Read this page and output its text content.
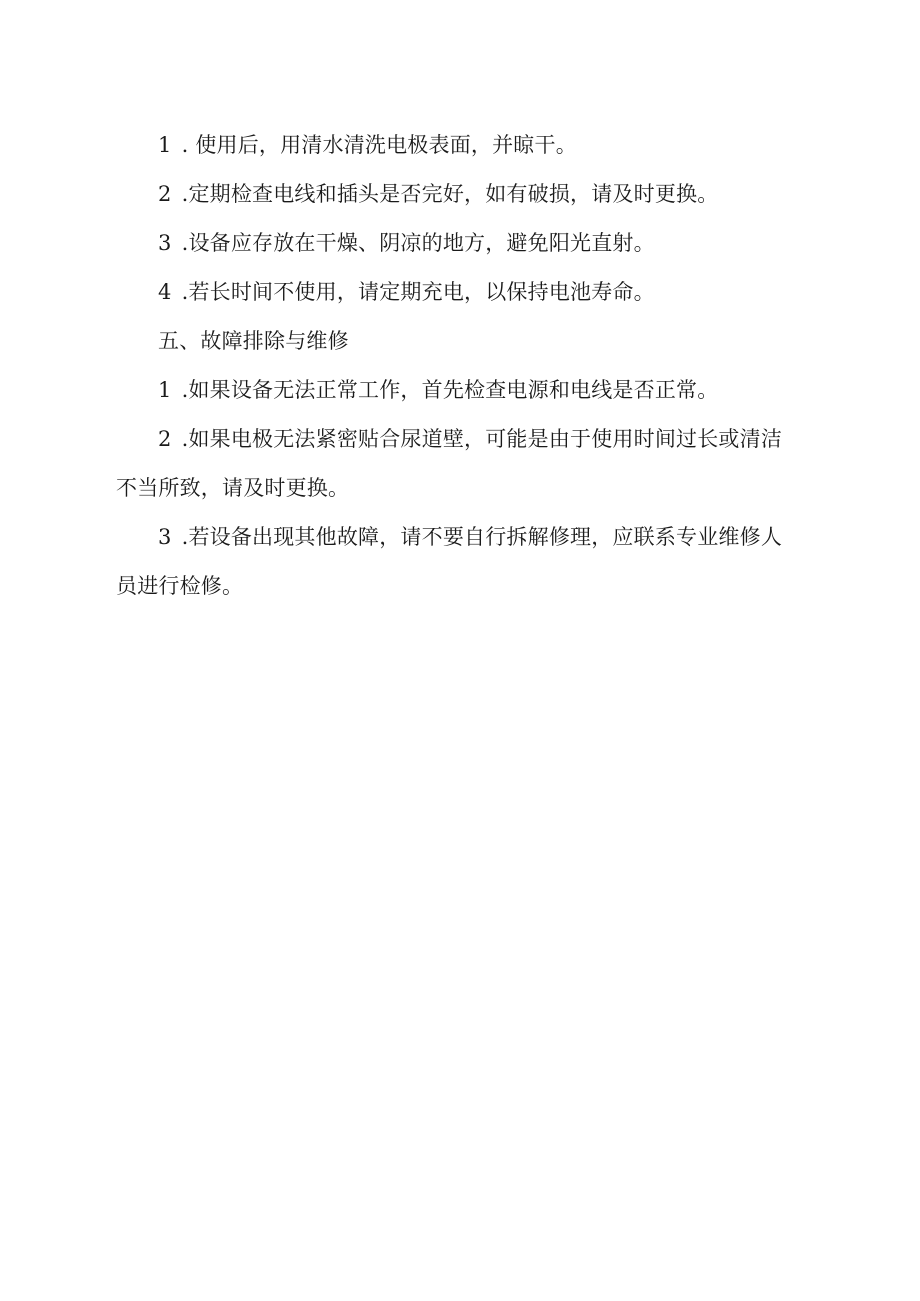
1 . 使用后，用清水清洗电极表面，并晾干。

2 .定期检查电线和插头是否完好，如有破损，请及时更换。

3 .设备应存放在干燥、阴凉的地方，避免阳光直射。

4 .若长时间不使用，请定期充电，以保持电池寿命。

五、故障排除与维修

1 .如果设备无法正常工作，首先检查电源和电线是否正常。

2 .如果电极无法紧密贴合尿道壁，可能是由于使用时间过长或清洁不当所致，请及时更换。

3 .若设备出现其他故障，请不要自行拆解修理，应联系专业维修人员进行检修。
